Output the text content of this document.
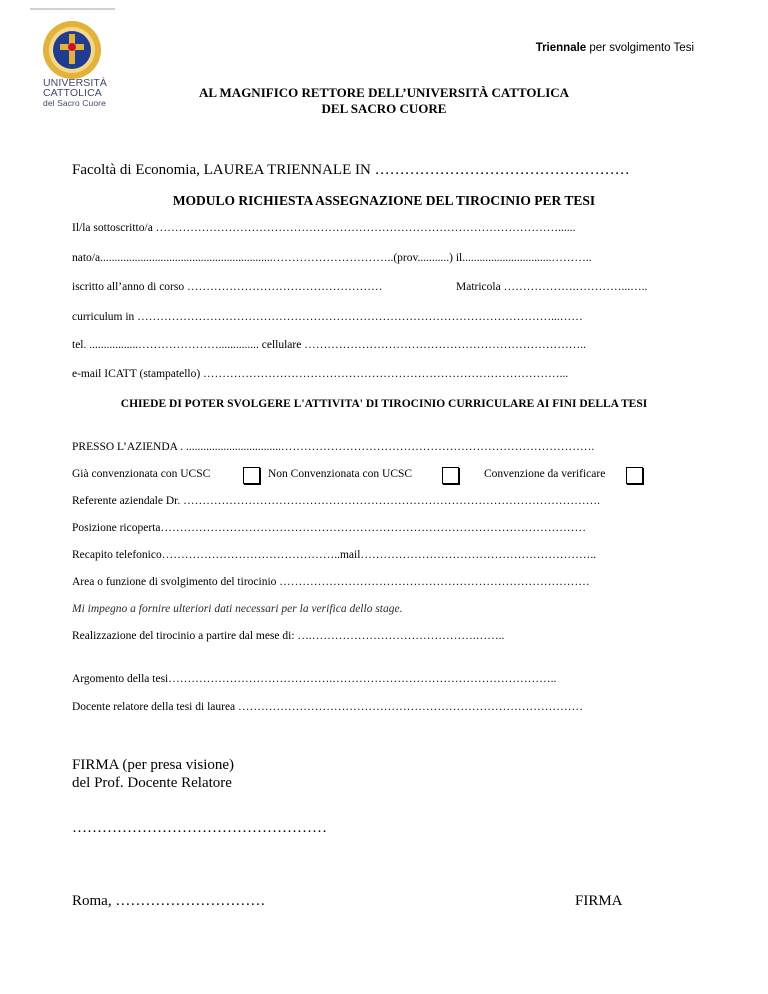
UNIVERSITÀ
CATTOLICA
del Sacro Cuore
Triennale per svolgimento Tesi
AL MAGNIFICO RETTORE DELL’UNIVERSITÀ CATTOLICA
DEL SACRO CUORE
Facoltà di Economia, LAUREA TRIENNALE IN ……………………………………………
MODULO RICHIESTA ASSEGNAZIONE DEL TIROCINIO PER TESI
Il/la sottoscritto/a ……………………………………………………………………………………………......
nato/a............................................................…………………………..(prov...........) il...............................………..
iscritto all’anno di corso ……………………………………………	Matricola ……………….…………...…..
curriculum in ………………………………………………………………………………………………...……
tel. .................………………….............. cellulare ………………………………………………………………..
e-mail ICATT (stampatello) …………………………………………………………………………………...
CHIEDE DI POTER SVOLGERE L'ATTIVITA' DI TIROCINIO CURRICULARE AI FINI DELLA TESI
PRESSO L’AZIENDA . .................................……………………………………………………………………….
Già convenzionata con UCSC	Non Convenzionata con UCSC	Convenzione da verificare
Referente aziendale Dr. ……………………………………………………………………………………………….
Posizione ricoperta…………………………………………………………………………………………………
Recapito telefonico………………………………………..mail……………………………………………………..
Area o funzione di svolgimento del tirocinio ………………………………………………………………………
Mi impegno a fornire ulteriori dati necessari per la verifica dello stage.
Realizzazione del tirocinio a partire dal mese di: ….…………………………………….……..
Argomento della tesi…………………………………….…………………………………………………..
Docente relatore della tesi di laurea ………………………………………………………………………………
FIRMA (per presa visione)
del Prof. Docente Relatore
……………………………………………
Roma, …………………………	FIRMA
